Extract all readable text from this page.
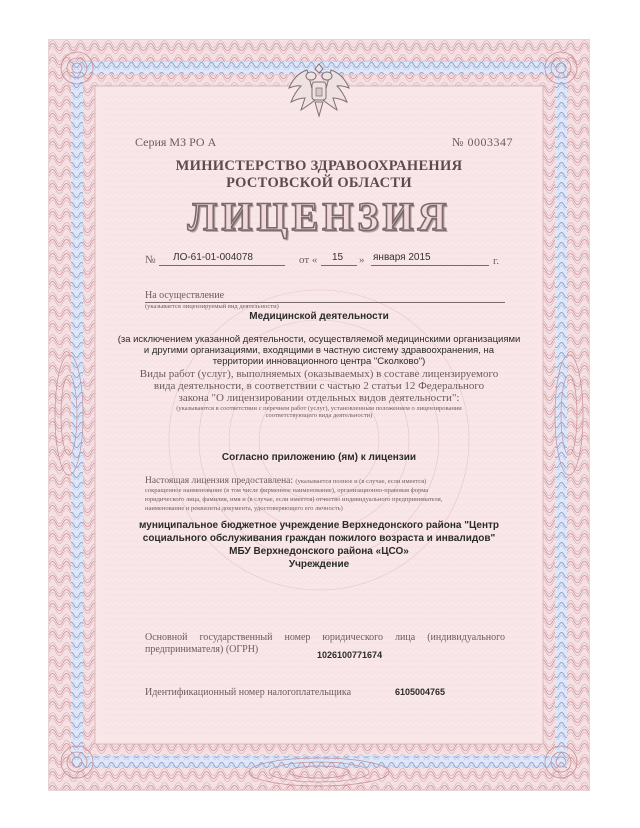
Серия МЗ РО А	№ 0003347
МИНИСТЕРСТВО ЗДРАВООХРАНЕНИЯ
РОСТОВСКОЙ ОБЛАСТИ
ЛИЦЕНЗИЯ
№ ЛО-61-01-004078	от « 15 » января 2015	г.
На осуществление
(указывается лицензируемый вид деятельности)
Медицинской деятельности
(за исключением указанной деятельности, осуществляемой медицинскими организациями
и другими организациями, входящими в частную систему здравоохранения, на
территории инновационного центра "Сколково")
Виды работ (услуг), выполняемых (оказываемых) в составе лицензируемого
вида деятельности, в соответствии с частью 2 статьи 12 Федерального
закона "О лицензировании отдельных видов деятельности":
(указываются в соответствии с перечнем работ (услуг), установленным положением о лицензировании
соответствующего вида деятельности)
Согласно приложению (ям) к лицензии
Настоящая лицензия предоставлена: (указывается полное и (в случае, если имеется)
сокращенное наименование (в том числе фирменное наименование), организационно-правовая форма
юридического лица, фамилия, имя и (в случае, если имеется) отчество индивидуального предпринимателя,
наименование и реквизиты документа, удостоверяющего его личность)
муниципальное бюджетное учреждение Верхнедонского района "Центр
социального обслуживания граждан пожилого возраста и инвалидов"
МБУ Верхнедонского района «ЦСО»
Учреждение
Основной государственный номер юридического лица (индивидуального
предпринимателя) (ОГРН)	1026100771674
Идентификационный номер налогоплательщика	6105004765
